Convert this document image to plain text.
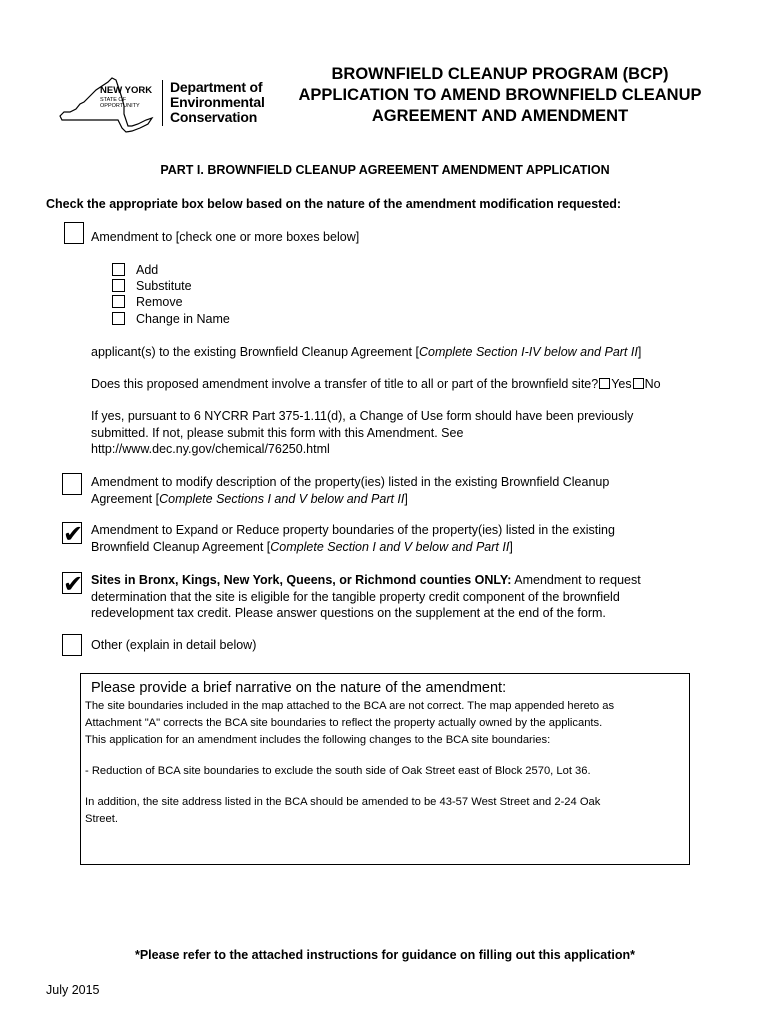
NEW YORK
STATE OF
OPPORTUNITY
Department of
Environmental
Conservation
BROWNFIELD CLEANUP PROGRAM (BCP)
APPLICATION TO AMEND BROWNFIELD CLEANUP
AGREEMENT AND AMENDMENT
PART I. BROWNFIELD CLEANUP AGREEMENT AMENDMENT APPLICATION
Check the appropriate box below based on the nature of the amendment modification requested:
Amendment to [check one or more boxes below]
Add
Substitute
Remove
Change in Name
applicant(s) to the existing Brownfield Cleanup Agreement [Complete Section I-IV below and Part II]
Does this proposed amendment involve a transfer of title to all or part of the brownfield site? Yes No
If yes, pursuant to 6 NYCRR Part 375-1.11(d), a Change of Use form should have been previously
submitted. If not, please submit this form with this Amendment. See
http://www.dec.ny.gov/chemical/76250.html
Amendment to modify description of the property(ies) listed in the existing Brownfield Cleanup
Agreement [Complete Sections I and V below and Part II]
✔ Amendment to Expand or Reduce property boundaries of the property(ies) listed in the existing
Brownfield Cleanup Agreement [Complete Section I and V below and Part II]
✔ Sites in Bronx, Kings, New York, Queens, or Richmond counties ONLY: Amendment to request
determination that the site is eligible for the tangible property credit component of the brownfield
redevelopment tax credit. Please answer questions on the supplement at the end of the form.
Other (explain in detail below)
Please provide a brief narrative on the nature of the amendment:

The site boundaries included in the map attached to the BCA are not correct. The map appended hereto as
Attachment "A" corrects the BCA site boundaries to reflect the property actually owned by the applicants.
This application for an amendment includes the following changes to the BCA site boundaries:

- Reduction of BCA site boundaries to exclude the south side of Oak Street east of Block 2570, Lot 36.

In addition, the site address listed in the BCA should be amended to be 43-57 West Street and 2-24 Oak
Street.

*Please refer to the attached instructions for guidance on filling out this application*
July 2015
